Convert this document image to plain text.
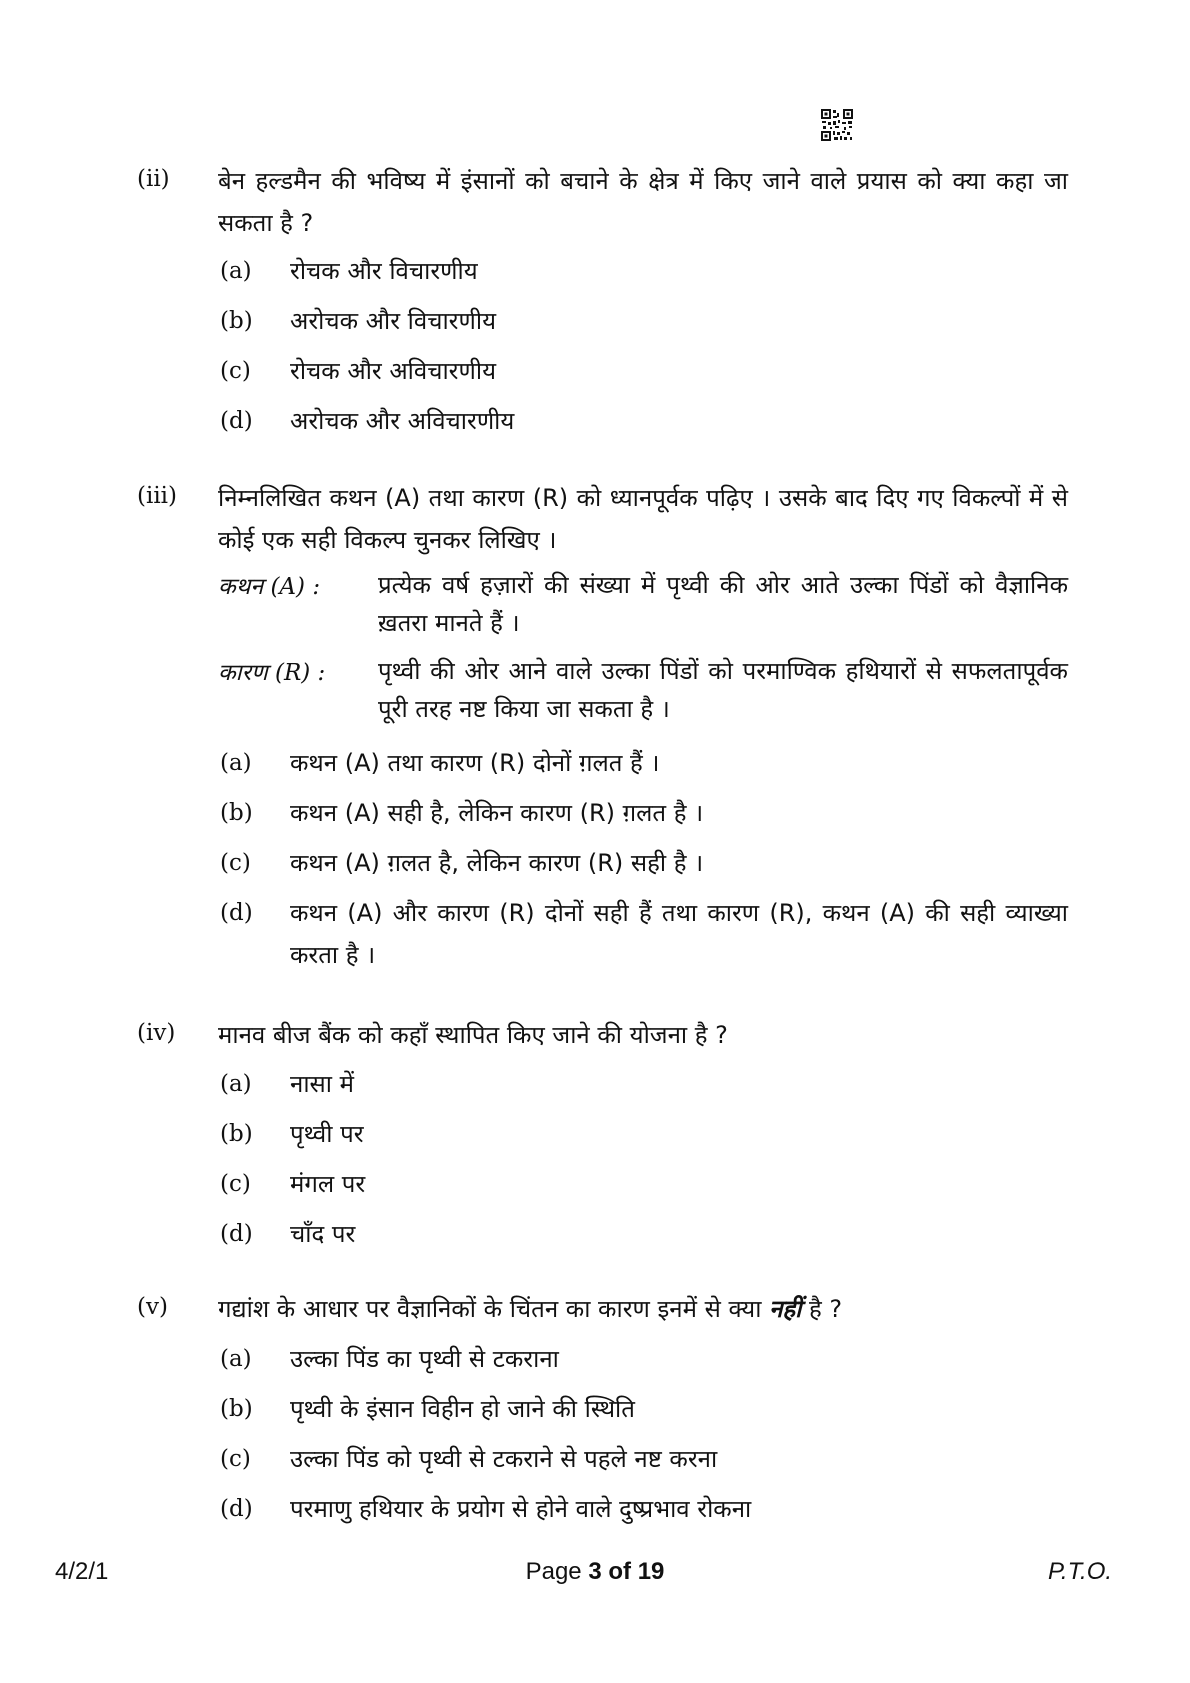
(ii) बेन हल्डमैन की भविष्य में इंसानों को बचाने के क्षेत्र में किए जाने वाले प्रयास को क्या कहा जा सकता है ?
(a) रोचक और विचारणीय
(b) अरोचक और विचारणीय
(c) रोचक और अविचारणीय
(d) अरोचक और अविचारणीय
(iii) निम्नलिखित कथन (A) तथा कारण (R) को ध्यानपूर्वक पढ़िए । उसके बाद दिए गए विकल्पों में से कोई एक सही विकल्प चुनकर लिखिए ।
कथन (A) : प्रत्येक वर्ष हज़ारों की संख्या में पृथ्वी की ओर आते उल्का पिंडों को वैज्ञानिक ख़तरा मानते हैं ।
कारण (R) : पृथ्वी की ओर आने वाले उल्का पिंडों को परमाण्विक हथियारों से सफलतापूर्वक पूरी तरह नष्ट किया जा सकता है ।
(a) कथन (A) तथा कारण (R) दोनों ग़लत हैं ।
(b) कथन (A) सही है, लेकिन कारण (R) ग़लत है ।
(c) कथन (A) ग़लत है, लेकिन कारण (R) सही है ।
(d) कथन (A) और कारण (R) दोनों सही हैं तथा कारण (R), कथन (A) की सही व्याख्या करता है ।
(iv) मानव बीज बैंक को कहाँ स्थापित किए जाने की योजना है ?
(a) नासा में
(b) पृथ्वी पर
(c) मंगल पर
(d) चाँद पर
(v) गद्यांश के आधार पर वैज्ञानिकों के चिंतन का कारण इनमें से क्या नहीं है ?
(a) उल्का पिंड का पृथ्वी से टकराना
(b) पृथ्वी के इंसान विहीन हो जाने की स्थिति
(c) उल्का पिंड को पृथ्वी से टकराने से पहले नष्ट करना
(d) परमाणु हथियार के प्रयोग से होने वाले दुष्प्रभाव रोकना
4/2/1	Page 3 of 19	P.T.O.
